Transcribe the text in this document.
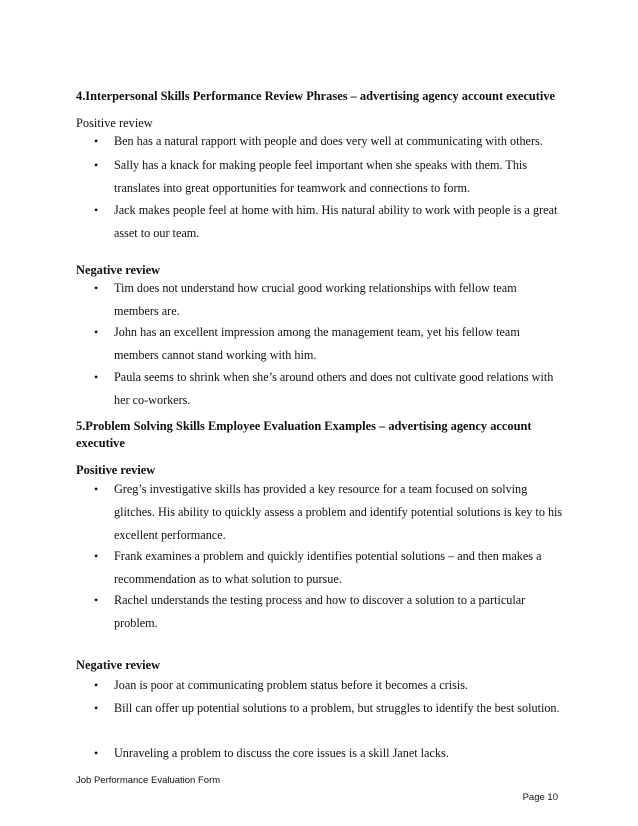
4.Interpersonal Skills Performance Review Phrases – advertising agency account executive
Positive review
• Ben has a natural rapport with people and does very well at communicating with others.
• Sally has a knack for making people feel important when she speaks with them. This translates into great opportunities for teamwork and connections to form.
• Jack makes people feel at home with him. His natural ability to work with people is a great asset to our team.
Negative review
• Tim does not understand how crucial good working relationships with fellow team members are.
• John has an excellent impression among the management team, yet his fellow team members cannot stand working with him.
• Paula seems to shrink when she’s around others and does not cultivate good relations with her co-workers.
5.Problem Solving Skills Employee Evaluation Examples – advertising agency account executive
Positive review
• Greg’s investigative skills has provided a key resource for a team focused on solving glitches. His ability to quickly assess a problem and identify potential solutions is key to his excellent performance.
• Frank examines a problem and quickly identifies potential solutions – and then makes a recommendation as to what solution to pursue.
• Rachel understands the testing process and how to discover a solution to a particular problem.
Negative review
• Joan is poor at communicating problem status before it becomes a crisis.
• Bill can offer up potential solutions to a problem, but struggles to identify the best solution.
• Unraveling a problem to discuss the core issues is a skill Janet lacks.
Job Performance Evaluation Form
Page 10
